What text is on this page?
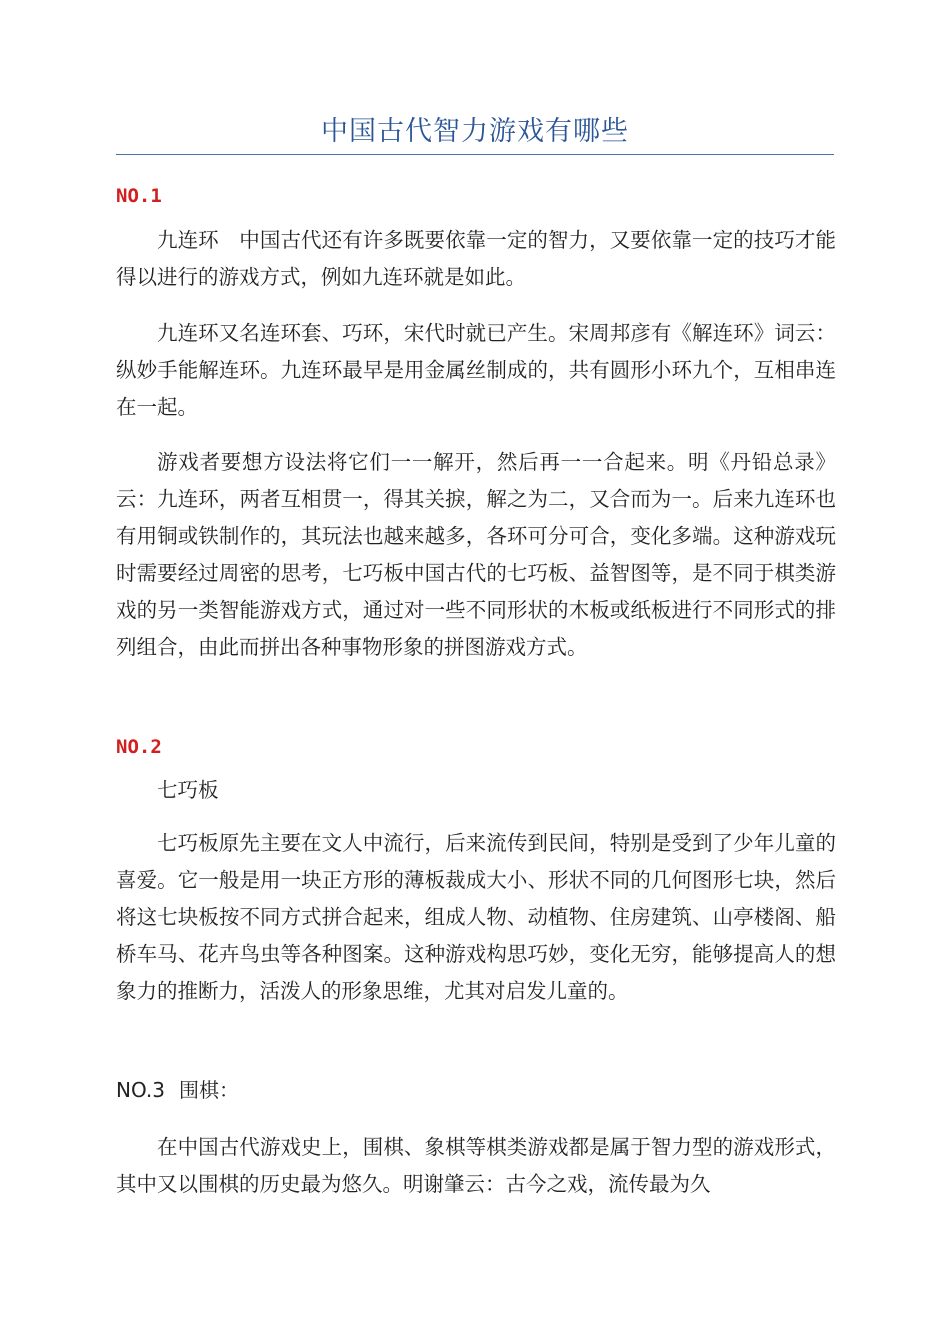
中国古代智力游戏有哪些
NO.1

九连环　中国古代还有许多既要依靠一定的智力，又要依靠一定的技巧才能得以进行的游戏方式，例如九连环就是如此。

九连环又名连环套、巧环，宋代时就已产生。宋周邦彦有《解连环》词云：纵妙手能解连环。九连环最早是用金属丝制成的，共有圆形小环九个，互相串连在一起。

游戏者要想方设法将它们一一解开，然后再一一合起来。明《丹铅总录》云：九连环，两者互相贯一，得其关捩，解之为二，又合而为一。后来九连环也有用铜或铁制作的，其玩法也越来越多，各环可分可合，变化多端。这种游戏玩时需要经过周密的思考，七巧板中国古代的七巧板、益智图等，是不同于棋类游戏的另一类智能游戏方式，通过对一些不同形状的木板或纸板进行不同形式的排列组合，由此而拼出各种事物形象的拼图游戏方式。

NO.2

七巧板

七巧板原先主要在文人中流行，后来流传到民间，特别是受到了少年儿童的喜爱。它一般是用一块正方形的薄板裁成大小、形状不同的几何图形七块，然后将这七块板按不同方式拼合起来，组成人物、动植物、住房建筑、山亭楼阁、船桥车马、花卉鸟虫等各种图案。这种游戏构思巧妙，变化无穷，能够提高人的想象力的推断力，活泼人的形象思维，尤其对启发儿童的。

NO.3 围棋：

在中国古代游戏史上，围棋、象棋等棋类游戏都是属于智力型的游戏形式，其中又以围棋的历史最为悠久。明谢肇云：古今之戏，流传最为久
